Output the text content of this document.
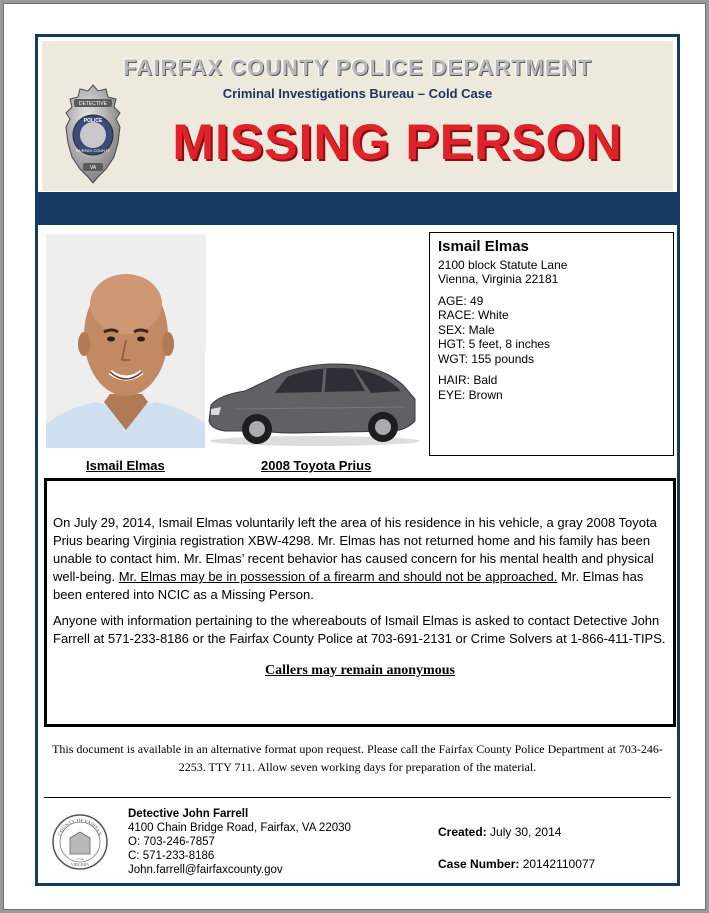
FAIRFAX COUNTY POLICE DEPARTMENT
Criminal Investigations Bureau – Cold Case
MISSING PERSON
DETECTIVE
POLICE
FAIRFAX COUNTY
VA
Ismail Elmas	2008 Toyota Prius
Ismail Elmas
2100 block Statute Lane
Vienna, Virginia 22181
AGE: 49
RACE: White
SEX: Male
HGT: 5 feet, 8 inches
WGT: 155 pounds
HAIR: Bald
EYE: Brown

On July 29, 2014, Ismail Elmas voluntarily left the area of his residence in his vehicle, a gray 2008 Toyota Prius bearing Virginia registration XBW-4298. Mr. Elmas has not returned home and his family has been unable to contact him. Mr. Elmas’ recent behavior has caused concern for his mental health and physical well-being. Mr. Elmas may be in possession of a firearm and should not be approached. Mr. Elmas has been entered into NCIC as a Missing Person.

Anyone with information pertaining to the whereabouts of Ismail Elmas is asked to contact Detective John Farrell at 571-233-8186 or the Fairfax County Police at 703-691-2131 or Crime Solvers at 1-866-411-TIPS.

Callers may remain anonymous
This document is available in an alternative format upon request. Please call the Fairfax County Police Department at 703-246-2253. TTY 711. Allow seven working days for preparation of the material.
COUNTY OF FAIRFAX
1742
VIRGINIA
Detective John Farrell
4100 Chain Bridge Road, Fairfax, VA 22030
O: 703-246-7857
C: 571-233-8186
John.farrell@fairfaxcounty.gov
Created: July 30, 2014
Case Number: 20142110077
